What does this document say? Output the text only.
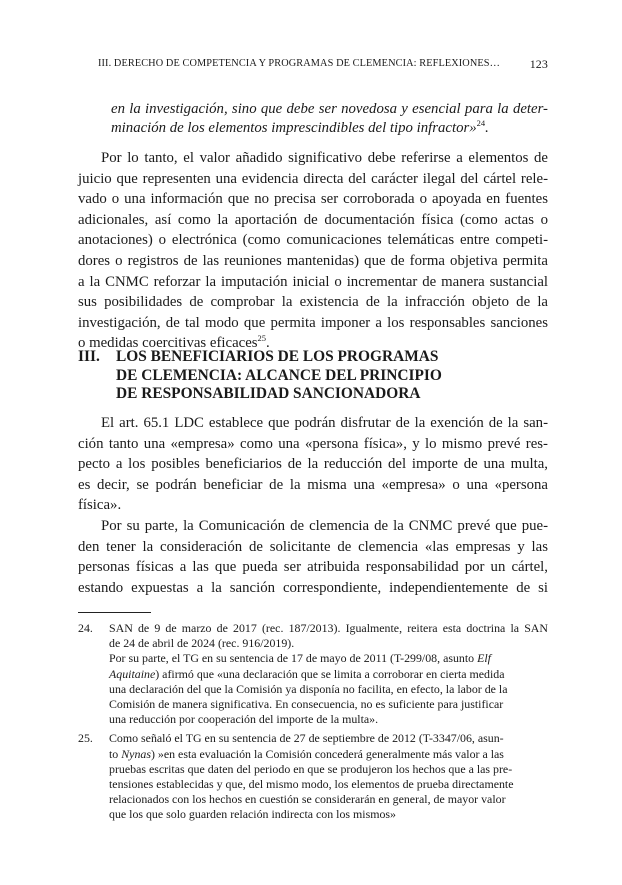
III. DERECHO DE COMPETENCIA Y PROGRAMAS DE CLEMENCIA: REFLEXIONES… 123
en la investigación, sino que debe ser novedosa y esencial para la deter-
minación de los elementos imprescindibles del tipo infractor»$^{24}$.
Por lo tanto, el valor añadido significativo debe referirse a elementos de
juicio que representen una evidencia directa del carácter ilegal del cártel rele-
vado o una información que no precisa ser corroborada o apoyada en fuentes
adicionales, así como la aportación de documentación física (como actas o
anotaciones) o electrónica (como comunicaciones telemáticas entre competi-
dores o registros de las reuniones mantenidas) que de forma objetiva permita
a la CNMC reforzar la imputación inicial o incrementar de manera sustancial
sus posibilidades de comprobar la existencia de la infracción objeto de la
investigación, de tal modo que permita imponer a los responsables sanciones
o medidas coercitivas eficaces$^{25}$.
III. LOS BENEFICIARIOS DE LOS PROGRAMAS
DE CLEMENCIA: ALCANCE DEL PRINCIPIO
DE RESPONSABILIDAD SANCIONADORA
El art. 65.1 LDC establece que podrán disfrutar de la exención de la san-
ción tanto una «empresa» como una «persona física», y lo mismo prevé res-
pecto a los posibles beneficiarios de la reducción del importe de una multa,
es decir, se podrán beneficiar de la misma una «empresa» o una «persona
física».
Por su parte, la Comunicación de clemencia de la CNMC prevé que pue-
den tener la consideración de solicitante de clemencia «las empresas y las
personas físicas a las que pueda ser atribuida responsabilidad por un cártel,
estando expuestas a la sanción correspondiente, independientemente de si
24. SAN de 9 de marzo de 2017 (rec. 187/2013). Igualmente, reitera esta doctrina la SAN
de 24 de abril de 2024 (rec. 916/2019).
Por su parte, el TG en su sentencia de 17 de mayo de 2011 (T-299/08, asunto Elf
Aquitaine) afirmó que «una declaración que se limita a corroborar en cierta medida
una declaración del que la Comisión ya disponía no facilita, en efecto, la labor de la
Comisión de manera significativa. En consecuencia, no es suficiente para justificar
una reducción por cooperación del importe de la multa».
25. Como señaló el TG en su sentencia de 27 de septiembre de 2012 (T-3347/06, asun-
to Nynas) »en esta evaluación la Comisión concederá generalmente más valor a las
pruebas escritas que daten del periodo en que se produjeron los hechos que a las pre-
tensiones establecidas y que, del mismo modo, los elementos de prueba directamente
relacionados con los hechos en cuestión se considerarán en general, de mayor valor
que los que solo guarden relación indirecta con los mismos»
